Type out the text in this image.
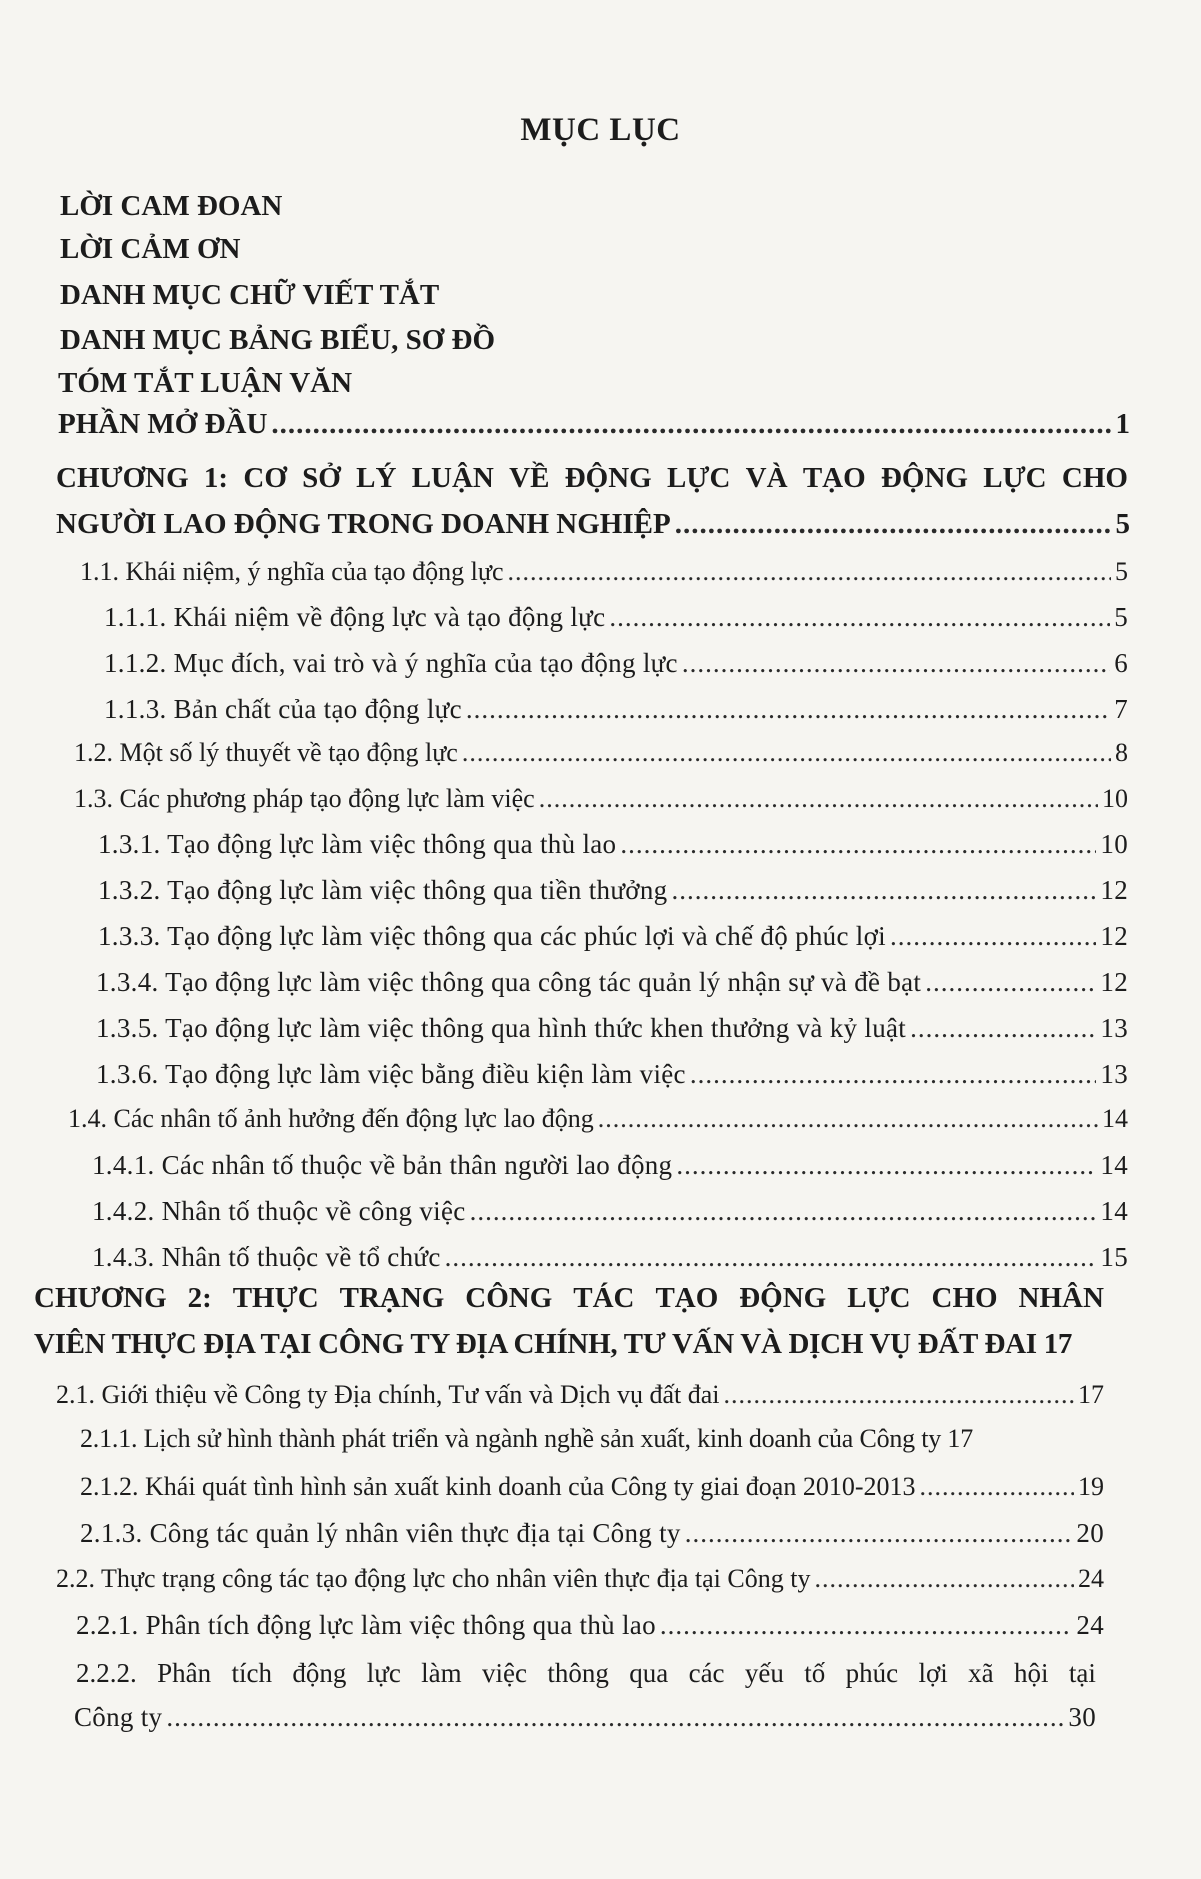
MỤC LỤC
LỜI CAM ĐOAN
LỜI CẢM ƠN
DANH MỤC CHỮ VIẾT TẮT
DANH MỤC BẢNG BIỂU, SƠ ĐỒ
TÓM TẮT LUẬN VĂN
PHẦN MỞ ĐẦU .....	1
CHƯƠNG 1: CƠ SỞ LÝ LUẬN VỀ ĐỘNG LỰC VÀ TẠO ĐỘNG LỰC CHO
NGƯỜI LAO ĐỘNG TRONG DOANH NGHIỆP .....	5
1.1. Khái niệm, ý nghĩa của tạo động lực .....	5
1.1.1. Khái niệm về động lực và tạo động lực .....	5
1.1.2. Mục đích, vai trò và ý nghĩa của tạo động lực .....	6
1.1.3. Bản chất của tạo động lực .....	7
1.2. Một số lý thuyết về tạo động lực .....	8
1.3. Các phương pháp tạo động lực làm việc .....	10
1.3.1. Tạo động lực làm việc thông qua thù lao .....	10
1.3.2. Tạo động lực làm việc thông qua tiền thưởng .....	12
1.3.3. Tạo động lực làm việc thông qua các phúc lợi và chế độ phúc lợi .....	12
1.3.4. Tạo động lực làm việc thông qua công tác quản lý nhận sự và đề bạt .....	12
1.3.5. Tạo động lực làm việc thông qua hình thức khen thưởng và kỷ luật .....	13
1.3.6. Tạo động lực làm việc bằng điều kiện làm việc .....	13
1.4. Các nhân tố ảnh hưởng đến động lực lao động .....	14
1.4.1. Các nhân tố thuộc về bản thân người lao động .....	14
1.4.2. Nhân tố thuộc về công việc .....	14
1.4.3. Nhân tố thuộc về tổ chức .....	15
CHƯƠNG 2: THỰC TRẠNG CÔNG TÁC TẠO ĐỘNG LỰC CHO NHÂN
VIÊN THỰC ĐỊA TẠI CÔNG TY ĐỊA CHÍNH, TƯ VẤN VÀ DỊCH VỤ ĐẤT ĐAI 17
2.1. Giới thiệu về Công ty Địa chính, Tư vấn và Dịch vụ đất đai .....	17
2.1.1. Lịch sử hình thành phát triển và ngành nghề sản xuất, kinh doanh của Công ty 17
2.1.2. Khái quát tình hình sản xuất kinh doanh của Công ty giai đoạn 2010-2013 .....	19
2.1.3. Công tác quản lý nhân viên thực địa tại Công ty .....	20
2.2. Thực trạng công tác tạo động lực cho nhân viên thực địa tại Công ty .....	24
2.2.1. Phân tích động lực làm việc thông qua thù lao .....	24
2.2.2. Phân tích động lực làm việc thông qua các yếu tố phúc lợi xã hội tại
Công ty .....	30
